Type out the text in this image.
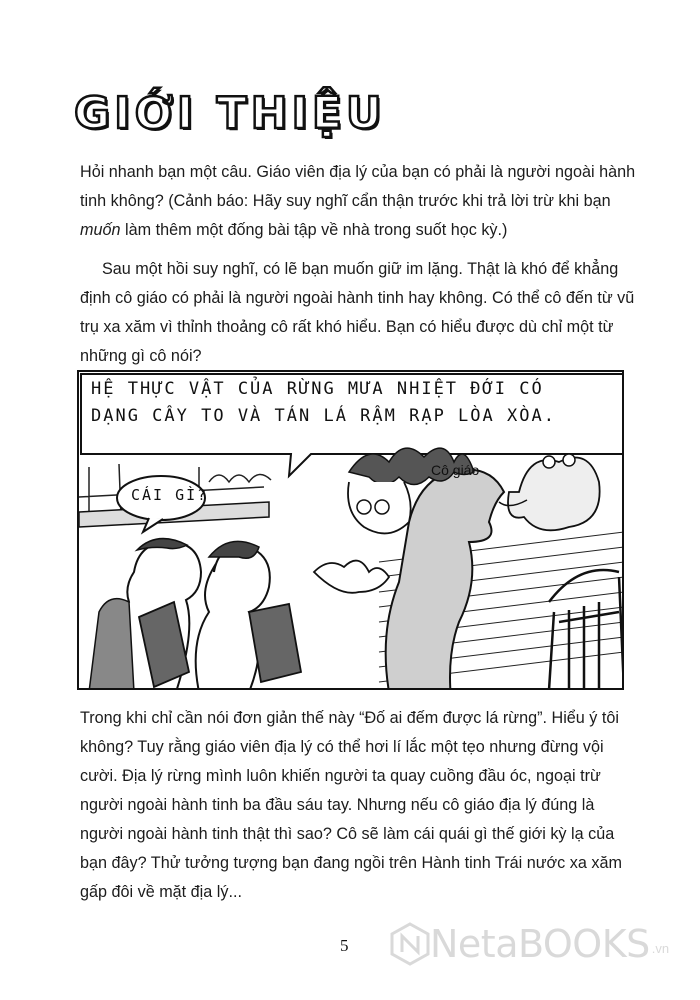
GIỚI THIỆU

Hỏi nhanh bạn một câu. Giáo viên địa lý của bạn có phải là người ngoài hành tinh không? (Cảnh báo: Hãy suy nghĩ cẩn thận trước khi trả lời trừ khi bạn muốn làm thêm một đống bài tập về nhà trong suốt học kỳ.)

Sau một hồi suy nghĩ, có lẽ bạn muốn giữ im lặng. Thật là khó để khẳng định cô giáo có phải là người ngoài hành tinh hay không. Có thể cô đến từ vũ trụ xa xăm vì thỉnh thoảng cô rất khó hiểu. Bạn có hiểu được dù chỉ một từ những gì cô nói?

HỆ THỰC VẬT CỦA RỪNG MƯA NHIỆT ĐỚI CÓ DẠNG CÂY TO VÀ TÁN LÁ RẬM RẠP LÒA XÒA.
CÁI GÌ?
Cô giáo

Trong khi chỉ cần nói đơn giản thế này “Đố ai đếm được lá rừng”. Hiểu ý tôi không? Tuy rằng giáo viên địa lý có thể hơi lí lắc một tẹo nhưng đừng vội cười. Địa lý rừng mình luôn khiến người ta quay cuồng đầu óc, ngoại trừ người ngoài hành tinh ba đầu sáu tay. Nhưng nếu cô giáo địa lý đúng là người ngoài hành tinh thật thì sao? Cô sẽ làm cái quái gì thế giới kỳ lạ của bạn đây? Thử tưởng tượng bạn đang ngồi trên Hành tinh Trái nước xa xăm gấp đôi về mặt địa lý...

5 NetaBOOKS .vn
